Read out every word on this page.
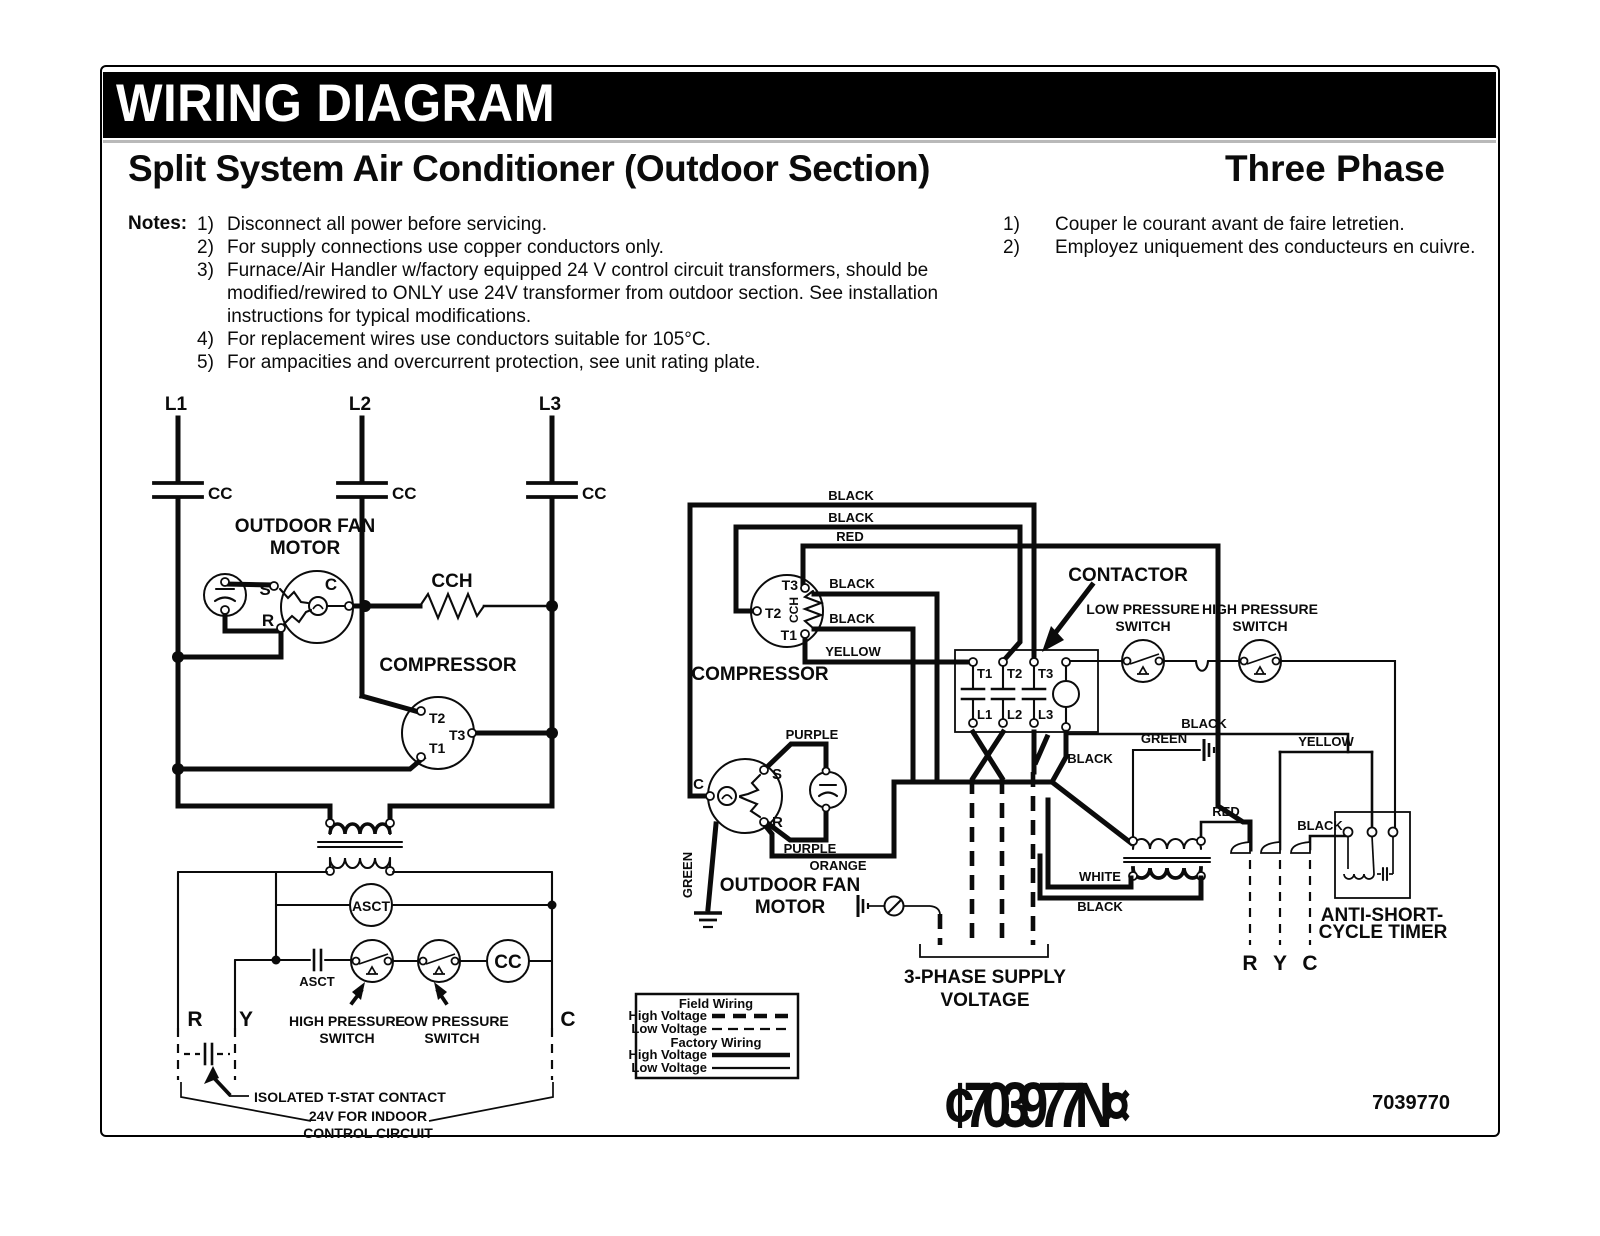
WIRING DIAGRAM
Split System Air Conditioner (Outdoor Section)	Three Phase
Notes: 1) Disconnect all power before servicing.
2) For supply connections use copper conductors only.
3) Furnace/Air Handler w/factory equipped 24 V control circuit transformers, should be modified/rewired to ONLY use 24V transformer from outdoor section. See installation instructions for typical modifications.
4) For replacement wires use conductors suitable for 105°C.
5) For ampacities and overcurrent protection, see unit rating plate.
1) Couper le courant avant de faire letretien.
2) Employez uniquement des conducteurs en cuivre.
L1	L2	L3
CC	CC	CC
OUTDOOR FAN
MOTOR
S	C
R
CCH
COMPRESSOR
T2
T3
T1
ASCT
ASCT
CC
HIGH PRESSURE
SWITCH
LOW PRESSURE
SWITCH
R Y	C
ISOLATED T-STAT CONTACT
24V FOR INDOOR
CONTROL CIRCUIT
BLACK
BLACK
RED
BLACK
BLACK
YELLOW
T3
T2
T1
CCH
COMPRESSOR	T1 T2 T3
L1 L2 L3
CONTACTOR
LOW PRESSURE
SWITCH
HIGH PRESSURE
SWITCH
BLACK
BLACK
YELLOW
RED
BLACK
GREEN
WHITE
BLACK
R Y C
ANTI-SHORT-
CYCLE TIMER
C
S
R
PURPLE
PURPLE
ORANGE
GREEN OUTDOOR FAN
MOTOR
3-PHASE SUPPLY
VOLTAGE
Field Wiring
High Voltage
Low Voltage
Factory Wiring
High Voltage
Low Voltage
¢703977N¤	7039770
